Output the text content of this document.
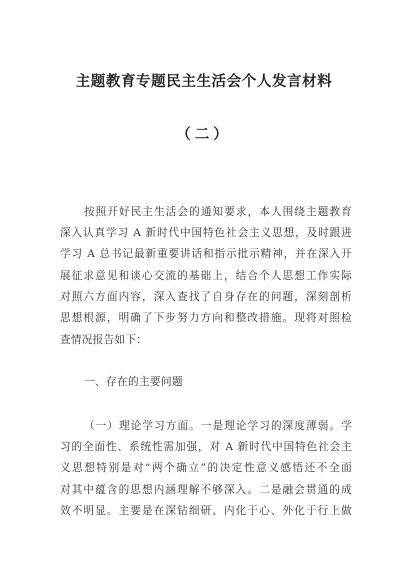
主题教育专题民主生活会个人发言材料
（二）
按照开好民主生活会的通知要求，本人围绕主题教育
深入认真学习 A 新时代中国特色社会主义思想，及时跟进
学习 A 总书记最新重要讲话和指示批示精神，并在深入开
展征求意见和谈心交流的基础上，结合个人思想工作实际
对照六方面内容，深入查找了自身存在的问题，深刻剖析
思想根源，明确了下步努力方向和整改措施。现将对照检
查情况报告如下：
一、存在的主要问题
（一）理论学习方面。一是理论学习的深度薄弱。学
习的全面性、系统性需加强，对 A 新时代中国特色社会主
义思想特别是对“两个确立”的决定性意义感悟还不全面
对其中蕴含的思想内涵理解不够深入。二是融会贯通的成
效不明显。主要是在深钻细研、内化于心、外化于行上做
